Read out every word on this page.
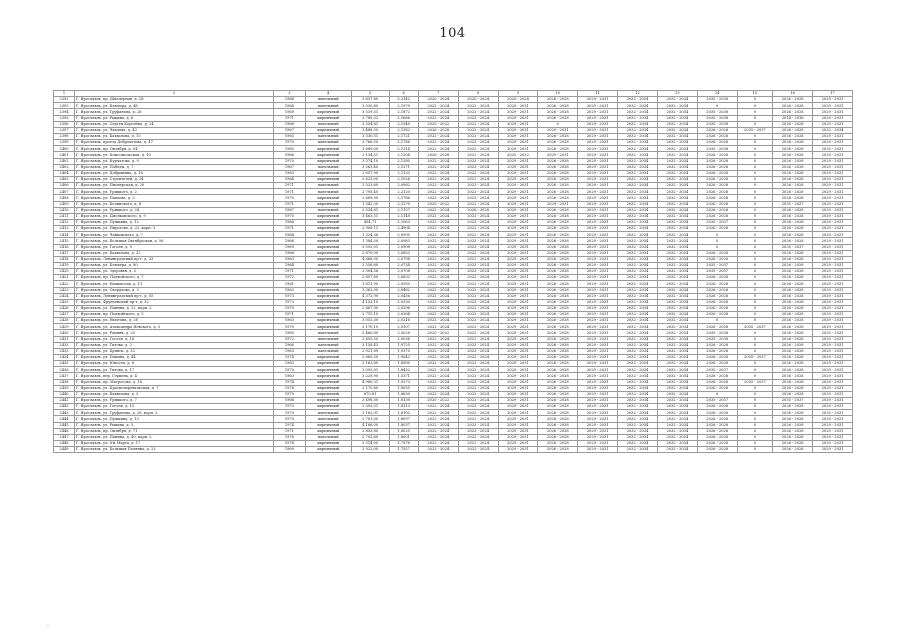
104
1	2	3	4	5	6	7	8	9	10	11	12	13	14	15	16	17
2392	Г. Ярославль, пр. Шпалерная, д. 28	1968	панельный	3 637,80	2,2142	2020 - 2024	2020 - 2024	2020 - 2024	2026 - 2028	2029 - 2031	2032 - 2034	2032 - 2034	2035 - 2038	0	2026 - 2028	2029 - 2031
2393	Г. Ярославль, ул. Блюхера, д. 48	1964	панельный	3 530,80	2,1979	2022 - 2024	2022 - 2024	2029 - 2031	2026 - 2028	2029 - 2031	2032 - 2034	2032 - 2034	0	0	2026 - 2028	2029 - 2031
2394	Г. Ярославль, ул. Труфанова, д. 28	1969	кирпичный	3 539,51	2,1872	2022 - 2024	2022 - 2024	2029 - 2031	2026 - 2028	2029 - 2031	2032 - 2034	2032 - 2034	2035 - 2038	0	2026 - 2028	2029 - 2031
2395	Г. Ярославль, ул. Рыкина, д. 6	1971	кирпичный	3 789,32	2,1666	2022 - 2024	2022 - 2024	2029 - 2031	2026 - 2028	2029 - 2031	2032 - 2034	2032 - 2034	2035 - 2038	0	2014 - 2016	2029 - 2031
2396	Г. Ярославль, ул. Сергея Королёва, д. 24	1966	панельный	3 554,81	2,1540	2020 - 2022	2022 - 2024	2029 - 2031	0	2029 - 2031	2032 - 2034	2032 - 2034	2035 - 2038	0	2026 - 2028	2029 - 2031
2397	Г. Ярославль, ул. Чкалова, д. 43	1967	кирпичный	3 488,30	2,1382	2026 - 2028	2022 - 2024	2029 - 2031	2029 - 2031	2029 - 2031	2032 - 2034	2032 - 2034	2026 - 2028	2035 - 2037	2026 - 2028	2032 - 2034
2398	Г. Ярославль, ул. Бахвалова, д. 15	1963	панельный	3 330,51	2,1721	2022 - 2024	2022 - 2024	2029 - 2031	2026 - 2028	2029 - 2031	2032 - 2034	2032 - 2034	2026 - 2028	0	2026 - 2028	2029 - 2031
2399	Г. Ярославль, проезд Доброхотова, д. 47	1970	панельный	3 766,50	2,1786	2022 - 2024	2022 - 2024	2029 - 2031	2026 - 2028	2029 - 2031	2032 - 2034	2032 - 2034	2026 - 2028	0	2026 - 2028	2029 - 2031
2400	Г. Ярославль, пр. Октября, д. 54	1965	кирпичный	1 689,00	2,1314	2022 - 2024	2022 - 2024	2029 - 2031	2026 - 2028	2029 - 2031	2032 - 2034	2032 - 2034	2035 - 2038	0	2026 - 2028	2029 - 2031
2401	Г. Ярославль, ул. Комсомольская, д. 10	1966	кирпичный	2 134,51	2,1304	2026 - 2028	2022 - 2024	2020 - 2022	2029 - 2031	2029 - 2031	2032 - 2034	2032 - 2034	2026 - 2028	0	2026 - 2028	2029 - 2031
2402	Г. Ярославль, ул. Курчатова, д. 9	1970	кирпичный	3 574,10	2,1280	2022 - 2024	2022 - 2024	2029 - 2031	2026 - 2028	2029 - 2031	2032 - 2034	2032 - 2034	2026 - 2028	0	2026 - 2028	2029 - 2031
2403	Г. Ярославль, ул. Победы, д. 7	1967	панельный	3 263,40	2,1271	2022 - 2024	2022 - 2024	2029 - 2031	2026 - 2028	2029 - 2031	2032 - 2034	2032 - 2034	2026 - 2028	0	2026 - 2028	2029 - 2031
2404	Г. Ярославль, ул. Добрынина, д. 16	1963	кирпичный	2 057,90	2,1133	2022 - 2024	2022 - 2024	2029 - 2031	2026 - 2028	2029 - 2031	2032 - 2034	2032 - 2034	2026 - 2028	0	2026 - 2028	2029 - 2031
2405	Г. Ярославль, ул. Строителей, д. 24	1964	кирпичный	2 625,00	2,1026	2022 - 2024	2022 - 2024	2029 - 2031	2026 - 2028	2029 - 2031	2032 - 2034	2032 - 2034	2026 - 2028	0	2026 - 2028	2029 - 2031
2406	Г. Ярославль, ул. Пионерская, д. 20	1971	панельный	3 523,60	2,0982	2022 - 2024	2022 - 2024	2029 - 2031	2026 - 2028	2029 - 2031	2032 - 2034	2032 - 2034	2026 - 2028	0	2026 - 2028	2029 - 2031
2407	Г. Ярославль, ул. Урицкого, д. 2	1971	панельный	2 795,40	2,2120	2022 - 2024	2022 - 2024	2029 - 2031	2026 - 2028	2029 - 2031	2032 - 2034	2032 - 2034	2026 - 2028	0	2026 - 2028	2029 - 2031
2408	Г. Ярославль, ул. Павлова, д. 2	1970	кирпичный	2 689,90	2,1786	2022 - 2024	2022 - 2024	2029 - 2031	2026 - 2028	2029 - 2031	2032 - 2034	2032 - 2034	2026 - 2028	0	2026 - 2028	2029 - 2031
2409	Г. Ярославль, ул. Белинского, д. 8	1971	кирпичный	1 342,30	2,1270	2020 - 2022	2022 - 2024	2029 - 2031	2029 - 2031	2029 - 2031	2032 - 2034	2032 - 2034	2026 - 2028	0	2035 - 2037	2029 - 2031
2410	Г. Ярославль, ул. Урицкого, д. 24	1967	панельный	3 534,81	2,1157	2022 - 2024	2026 - 2028	2029 - 2031	2026 - 2028	2029 - 2031	2032 - 2034	2032 - 2034	2026 - 2028	0	2026 - 2028	2029 - 2031
2411	Г. Ярославль, ул. Циолковского, д. 9	1970	кирпичный	3 463,51	2,1149	2022 - 2024	2022 - 2024	2029 - 2031	2026 - 2028	2029 - 2031	2032 - 2034	2032 - 2034	2026 - 2028	0	2026 - 2028	2029 - 2031
2412	Г. Ярославль, ул. Пушкина, д. 12	1966	кирпичный	454,71	2,1063	2022 - 2024	2022 - 2024	2029 - 2031	2026 - 2028	2029 - 2031	2032 - 2034	2032 - 2034	2035 - 2037	0	2026 - 2028	2029 - 2031
2413	Г. Ярославль, ул. Пирогова, д. 22, корп. 3	1971	кирпичный	2 908,11	2,4904	2022 - 2024	2022 - 2024	2029 - 2031	2026 - 2028	2029 - 2031	2032 - 2034	2032 - 2034	2026 - 2028	0	2026 - 2028	2029 - 2031
2414	Г. Ярославль, ул. Чайковского, д. 7	1964	кирпичный	1 324,36	2,0995	2022 - 2024	2022 - 2024	2029 - 2031	2026 - 2028	2029 - 2031	2032 - 2034	2032 - 2034	0	0	2026 - 2028	2029 - 2031
2415	Г. Ярославль, ул. Большая Октябрьская, д. 56	1966	кирпичный	1 384,58	2,0983	2022 - 2024	2022 - 2024	2029 - 2031	2026 - 2028	2029 - 2031	2032 - 2034	2032 - 2034	0	0	2026 - 2028	2029 - 2031
2416	Г. Ярославль, ул. Гоголя, д. 9	1969	кирпичный	3 555,01	2,0908	2022 - 2024	2022 - 2024	2029 - 2031	2026 - 2028	2029 - 2031	2032 - 2034	2032 - 2034	0	0	2035 - 2037	2029 - 2031
2417	Г. Ярославль, ул. Бахвалова, д. 32	1966	кирпичный	2 870,00	2,0853	2022 - 2024	2022 - 2024	2029 - 2031	2026 - 2028	2029 - 2031	2032 - 2034	2032 - 2034	2026 - 2028	0	2026 - 2028	2029 - 2031
2418	Г. Ярославль, Ленинградский пр-т, д. 33	1963	кирпичный	4 866,00	2,0798	2022 - 2024	2022 - 2024	2029 - 2031	2026 - 2028	2029 - 2031	2032 - 2034	2032 - 2034	2026 - 2028	0	2026 - 2028	2029 - 2031
2419	Г. Ярославль, ул. Блюхера, д. 80	1964	панельный	3 556,60	2,0734	2022 - 2024	2022 - 2024	2029 - 2031	2026 - 2028	2029 - 2031	2032 - 2034	2032 - 2034	2035 - 2037	0	2026 - 2028	2029 - 2031
2420	Г. Ярославль, ул. Здоровья, д. 5	1971	кирпичный	2 504,56	2,0708	2022 - 2024	2022 - 2024	2029 - 2031	2026 - 2028	2029 - 2031	2032 - 2034	2032 - 2034	2035 - 2037	0	2026 - 2028	2029 - 2031
2421	Г. Ярославль, пр. Подвойского, д. 7	1972	кирпичный	2 857,60	2,0632	2022 - 2024	2022 - 2024	2029 - 2031	2026 - 2028	2029 - 2031	2032 - 2034	2032 - 2034	2026 - 2028	0	2026 - 2028	2029 - 2031
2422	Г. Ярославль, ул. Нахимсона, д. 11	1961	кирпичный	1 811,90	2,0593	2022 - 2024	2022 - 2024	2029 - 2031	2026 - 2028	2029 - 2031	2032 - 2034	2032 - 2034	2026 - 2028	0	2026 - 2028	2029 - 2031
2423	Г. Ярославль, ул. Свердлова, д. 3	1963	кирпичный	3 362,00	2,0482	2022 - 2024	2022 - 2024	2029 - 2031	2026 - 2028	2029 - 2031	2032 - 2034	2032 - 2034	2026 - 2028	0	2026 - 2028	2029 - 2031
2424	Г. Ярославль, Ленинградский пр-т, д. 55	1973	кирпичный	4 372,90	2,0436	2022 - 2024	2022 - 2024	2029 - 2031	2026 - 2028	2029 - 2031	2032 - 2034	2032 - 2034	2026 - 2028	0	2026 - 2028	2029 - 2031
2425	Г. Ярославль, Фрунзенский пр-т, д. 32	1973	кирпичный	4 153,10	2,0330	2022 - 2024	2022 - 2024	2029 - 2031	2026 - 2028	2029 - 2031	2032 - 2034	2032 - 2034	2026 - 2028	0	2026 - 2028	2029 - 2031
2426	Г. Ярославль, ул. Панина, д. 32, корп. 2	1970	кирпичный	2 867,90	2,0296	2022 - 2024	2022 - 2024	2029 - 2031	2026 - 2028	2029 - 2031	2032 - 2034	2032 - 2034	2026 - 2028	0	2026 - 2028	2029 - 2031
2427	Г. Ярославль, пр. Подвойского, д. 5	1971	кирпичный	2 715,10	2,0264	2022 - 2024	2022 - 2024	2029 - 2031	2026 - 2028	2029 - 2031	2032 - 2034	2032 - 2034	2026 - 2028	0	2026 - 2028	2029 - 2031
2428	Г. Ярославль, ул. Ньютона, д. 28	1963	кирпичный	3 053,30	2,0216	2022 - 2024	2022 - 2024	2029 - 2031	2026 - 2028	2029 - 2031	2032 - 2034	2032 - 2034	0	0	2026 - 2028	2029 - 2031
2429	Г. Ярославль, ул. Александра Невского, д. 3	1970	кирпичный	3 170,10	2,0107	2022 - 2024	2022 - 2024	2029 - 2031	2026 - 2028	2029 - 2031	2032 - 2034	2032 - 2034	2026 - 2028	2035 - 2037	2026 - 2028	2029 - 2031
2430	Г. Ярославль, ул. Ранняя, д. 20	1965	панельный	3 460,80	2,0028	2020 - 2022	2022 - 2024	2029 - 2031	2026 - 2028	2029 - 2031	2032 - 2034	2032 - 2034	2035 - 2038	0	2026 - 2028	2029 - 2031
2431	Г. Ярославль, ул. Гоголя, д. 16	1972	панельный	2 655,50	2,0036	2022 - 2024	2022 - 2024	2029 - 2031	2026 - 2028	2029 - 2031	2032 - 2034	2032 - 2034	2035 - 2038	0	2026 - 2028	2029 - 2031
2432	Г. Ярославль, ул. Титова, д. 2	1966	панельный	3 158,43	1,9725	2022 - 2024	2022 - 2024	2029 - 2031	2026 - 2028	2029 - 2031	2032 - 2034	2032 - 2034	2026 - 2028	0	2026 - 2028	2029 - 2031
2433	Г. Ярославль, ул. Брянск, д. 32	1963	панельный	2 921,89	1,9375	2022 - 2024	2022 - 2024	2029 - 2031	2026 - 2028	2029 - 2031	2032 - 2034	2032 - 2034	2026 - 2028	0	2026 - 2028	2029 - 2031
2434	Г. Ярославль, ул. Панина, д. 44	1974	кирпичный	2 665,50	1,9042	2022 - 2024	2022 - 2024	2029 - 2031	2026 - 2028	2029 - 2031	2032 - 2034	2032 - 2034	2026 - 2028	2035 - 2037	2026 - 2028	2029 - 2031
2435	Г. Ярославль, ул. Юности, д. 6	1963	кирпичный	3 163,80	1,8995	2022 - 2024	2022 - 2024	2029 - 2031	2026 - 2028	2029 - 2031	2032 - 2034	2032 - 2034	2026 - 2028	0	2026 - 2028	2029 - 2031
2436	Г. Ярославль, ул. Титова, д. 17	1970	кирпичный	3 095,91	1,8432	2022 - 2024	2022 - 2024	2029 - 2031	2026 - 2028	2029 - 2031	2032 - 2034	2032 - 2034	2035 - 2037	0	2026 - 2028	2029 - 2031
2437	Г. Ярославль, пер. Герцена, д. 4	1963	кирпичный	3 229,90	1,5371	2022 - 2024	2022 - 2024	2029 - 2031	2026 - 2028	2029 - 2031	2032 - 2034	2032 - 2034	2026 - 2028	0	2026 - 2028	2029 - 2031
2438	Г. Ярославль, пр. Матросова, д. 16	1974	кирпичный	4 980,31	1,9373	2022 - 2024	2022 - 2024	2029 - 2031	2026 - 2028	2029 - 2031	2032 - 2034	2032 - 2034	2026 - 2028	2035 - 2037	2026 - 2028	2029 - 2031
2439	Г. Ярославль, ул. Красноперевальская, д. 7	1976	кирпичный	2 170,80	1,8935	2022 - 2024	2022 - 2024	2029 - 2031	2026 - 2028	2029 - 2031	2032 - 2034	2032 - 2034	2026 - 2028	0	2026 - 2028	2029 - 2031
2440	Г. Ярославль, ул. Бахвалова, д. 3	1975	кирпичный	870,81	1,8630	2022 - 2024	2022 - 2024	2029 - 2031	2026 - 2028	2029 - 2031	2032 - 2034	2032 - 2034	0	0	2026 - 2028	2029 - 2031
2441	Г. Ярославль, ул. Урицкого, д. 7	1966	кирпичный	3 498,30	1,8139	2020 - 2022	2022 - 2024	2029 - 2031	2026 - 2028	2029 - 2031	2032 - 2034	2032 - 2034	2035 - 2037	0	2035 - 2037	2029 - 2031
2442	Г. Ярославль, ул. Гоголя, д. 15	1970	кирпичный	2 393,31	1,8113	2022 - 2024	2022 - 2024	2029 - 2031	2026 - 2028	2029 - 2031	2032 - 2034	2032 - 2034	2026 - 2028	0	2026 - 2028	2029 - 2031
2443	Г. Ярославль, ул. Труфанова, д. 28, корп. 2	1970	панельный	3 163,91	1,8102	2022 - 2024	2022 - 2024	2029 - 2031	2026 - 2028	2029 - 2031	2032 - 2034	2032 - 2034	2026 - 2028	0	2026 - 2028	2029 - 2031
2444	Г. Ярославль, ул. Пушкина, д. 13	1970	панельный	2 781,00	1,8097	2022 - 2024	2022 - 2024	2029 - 2031	2026 - 2028	2029 - 2031	2032 - 2034	2032 - 2034	2026 - 2028	0	2026 - 2028	2029 - 2031
2445	Г. Ярославль, ул. Рыкина, д. 5	1974	кирпичный	4 166,00	1,8037	2022 - 2024	2022 - 2024	2029 - 2031	2026 - 2028	2029 - 2031	2032 - 2034	2032 - 2034	2026 - 2028	0	2026 - 2028	2029 - 2031
2446	Г. Ярославль, пр. Октября, д. 71	1971	кирпичный	2 853,80	1,8025	2022 - 2024	2022 - 2024	2029 - 2031	2026 - 2028	2029 - 2031	2032 - 2034	2032 - 2034	2026 - 2028	0	2026 - 2028	2029 - 2031
2447	Г. Ярославль, ул. Панина, д. 40, корп. 2	1976	панельный	2 703,60	1,8001	2022 - 2024	2022 - 2024	2029 - 2031	2026 - 2028	2029 - 2031	2032 - 2034	2032 - 2034	2026 - 2028	0	2026 - 2028	2029 - 2031
2448	Г. Ярославль, ул. 8-й Марта, д. 17	1974	кирпичный	2 514,00	1,7976	2022 - 2024	2022 - 2024	2029 - 2031	2026 - 2028	2029 - 2031	2032 - 2034	2032 - 2034	2026 - 2028	0	2026 - 2028	2029 - 2031
2449	Г. Ярославль, ул. Большая Полянка, д. 23	1969	кирпичный	2 922,00	1,7927	2022 - 2024	2022 - 2024	2029 - 2031	2026 - 2028	2029 - 2031	2032 - 2034	2032 - 2034	2026 - 2028	0	2026 - 2028	2029 - 2031
-
